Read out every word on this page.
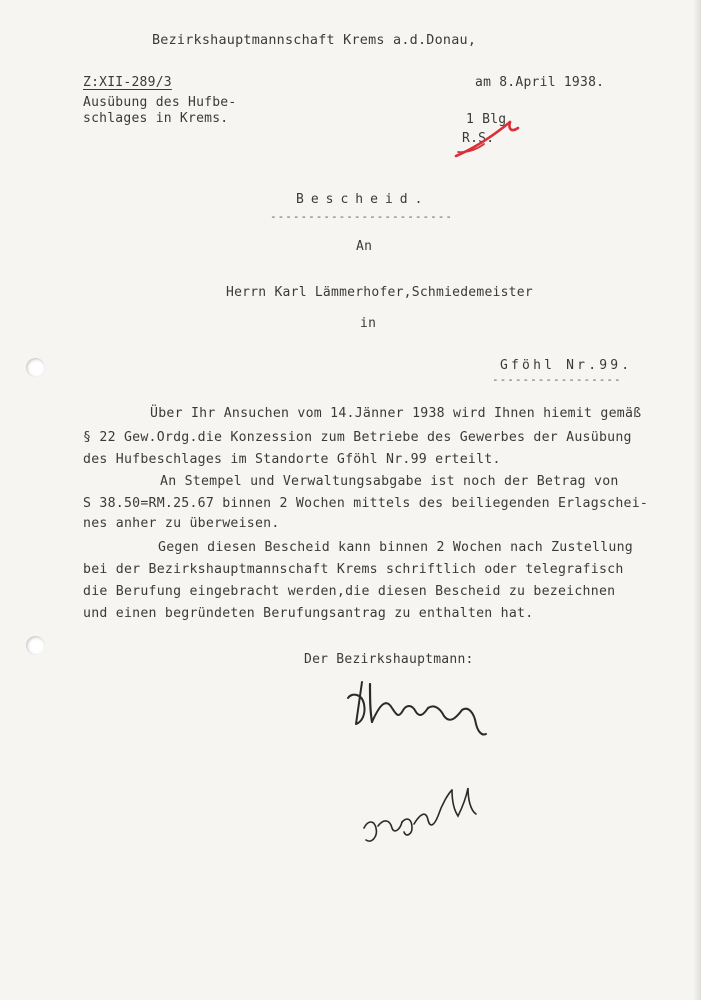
Bezirkshauptmannschaft Krems a.d.Donau,
Z:XII-289/3	am 8.April 1938.
Ausübung des Hufbe-
schlages in Krems.	1 Blg.
R.S.
Bescheid.
------------------------
An
Herrn Karl Lämmerhofer,Schmiedemeister
in
Gföhl Nr.99.
-----------------
Über Ihr Ansuchen vom 14.Jänner 1938 wird Ihnen hiemit gemäß
§ 22 Gew.Ordg.die Konzession zum Betriebe des Gewerbes der Ausübung
des Hufbeschlages im Standorte Gföhl Nr.99 erteilt.
An Stempel und Verwaltungsabgabe ist noch der Betrag von
S 38.50=RM.25.67 binnen 2 Wochen mittels des beiliegenden Erlagschei-
nes anher zu überweisen.
Gegen diesen Bescheid kann binnen 2 Wochen nach Zustellung
bei der Bezirkshauptmannschaft Krems schriftlich oder telegrafisch
die Berufung eingebracht werden,die diesen Bescheid zu bezeichnen
und einen begründeten Berufungsantrag zu enthalten hat.
Der Bezirkshauptmann:
